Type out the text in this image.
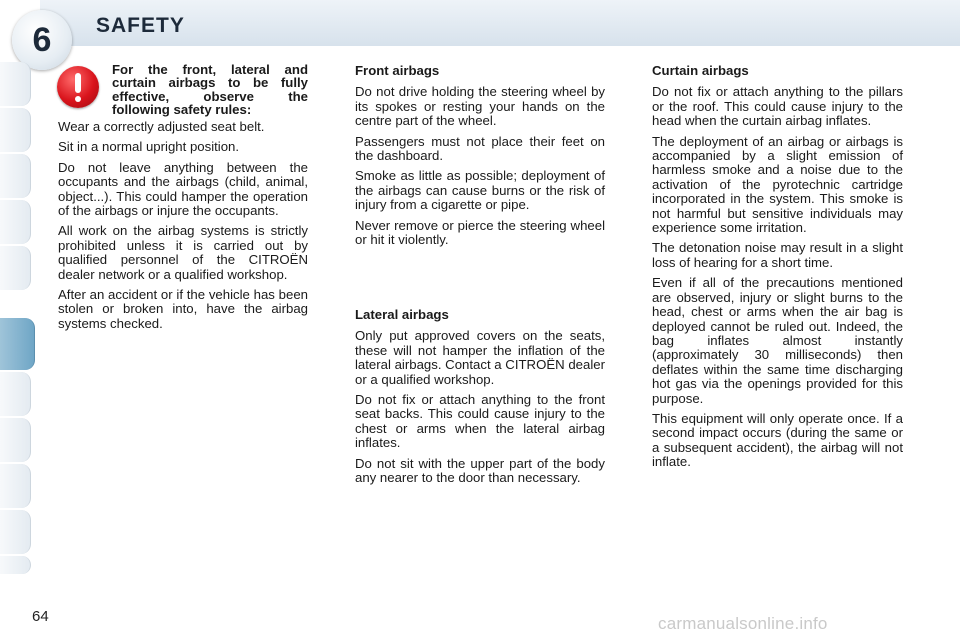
6	SAFETY
For the front, lateral and curtain airbags to be fully effective, observe the following safety rules:

Wear a correctly adjusted seat belt.

Sit in a normal upright position.

Do not leave anything between the occupants and the airbags (child, animal, object...). This could hamper the operation of the airbags or injure the occupants.

All work on the airbag systems is strictly prohibited unless it is carried out by qualified personnel of the CITROËN dealer network or a qualified workshop.

After an accident or if the vehicle has been stolen or broken into, have the airbag systems checked.

Front airbags

Do not drive holding the steering wheel by its spokes or resting your hands on the centre part of the wheel.

Passengers must not place their feet on the dashboard.

Smoke as little as possible; deployment of the airbags can cause burns or the risk of injury from a cigarette or pipe.

Never remove or pierce the steering wheel or hit it violently.

Lateral airbags

Only put approved covers on the seats, these will not hamper the inflation of the lateral airbags. Contact a CITROËN dealer or a qualified workshop.

Do not fix or attach anything to the front seat backs. This could cause injury to the chest or arms when the lateral airbag inflates.

Do not sit with the upper part of the body any nearer to the door than necessary.

Curtain airbags

Do not fix or attach anything to the pillars or the roof. This could cause injury to the head when the curtain airbag inflates.

The deployment of an airbag or airbags is accompanied by a slight emission of harmless smoke and a noise due to the activation of the pyrotechnic cartridge incorporated in the system. This smoke is not harmful but sensitive individuals may experience some irritation.

The detonation noise may result in a slight loss of hearing for a short time.

Even if all of the precautions mentioned are observed, injury or slight burns to the head, chest or arms when the air bag is deployed cannot be ruled out. Indeed, the bag inflates almost instantly (approximately 30 milliseconds) then deflates within the same time discharging hot gas via the openings provided for this purpose.

This equipment will only operate once. If a second impact occurs (during the same or a subsequent accident), the airbag will not inflate.

64	carmanualsonline.info
